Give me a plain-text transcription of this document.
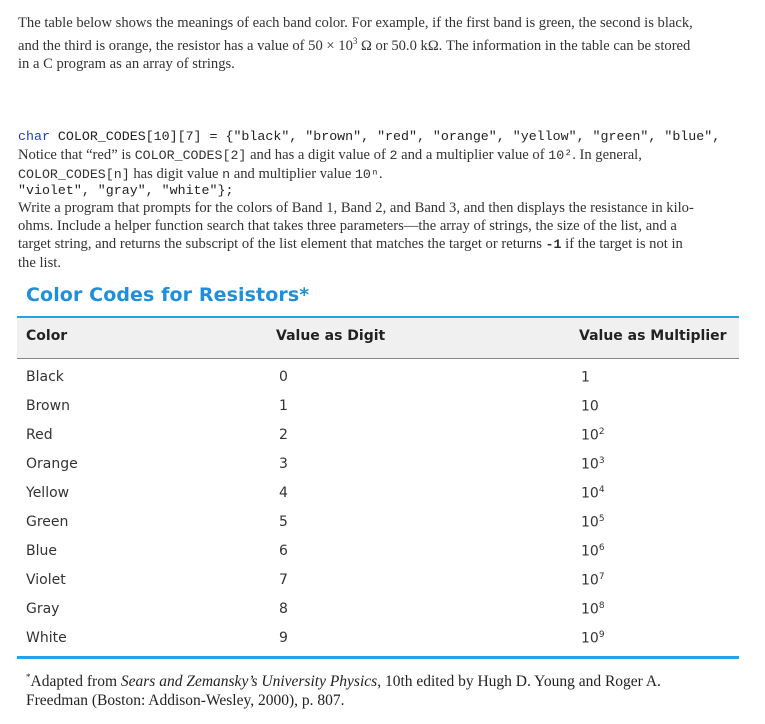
The table below shows the meanings of each band color. For example, if the first band is green, the second is black,
and the third is orange, the resistor has a value of $50 \times 10^3$ Ω or 50.0 kΩ. The information in the table can be stored
in a C program as an array of strings.

char COLOR_CODES[10][7] = {"black", "brown", "red", "orange", "yellow", "green", "blue",

"violet", "gray", "white"};

Notice that “red” is COLOR_CODES[2] and has a digit value of 2 and a multiplier value of 10². In general,
COLOR_CODES[n] has digit value n and multiplier value 10ⁿ.
Write a program that prompts for the colors of Band 1, Band 2, and Band 3, and then displays the resistance in kilo-
ohms. Include a helper function search that takes three parameters—the array of strings, the size of the list, and a
target string, and returns the subscript of the list element that matches the target or returns -1 if the target is not in
the list.
Color Codes for Resistors*
Color	Value as Digit	Value as Multiplier
Black	0	1
Brown	1	10
Red	2	$10^2$
Orange	3	$10^3$
Yellow	4	$10^4$
Green	5	$10^5$
Blue	6	$10^6$
Violet	7	$10^7$
Gray	8	$10^8$
White	9	$10^9$
*Adapted from Sears and Zemansky’s University Physics, 10th edited by Hugh D. Young and Roger A.
Freedman (Boston: Addison-Wesley, 2000), p. 807.
